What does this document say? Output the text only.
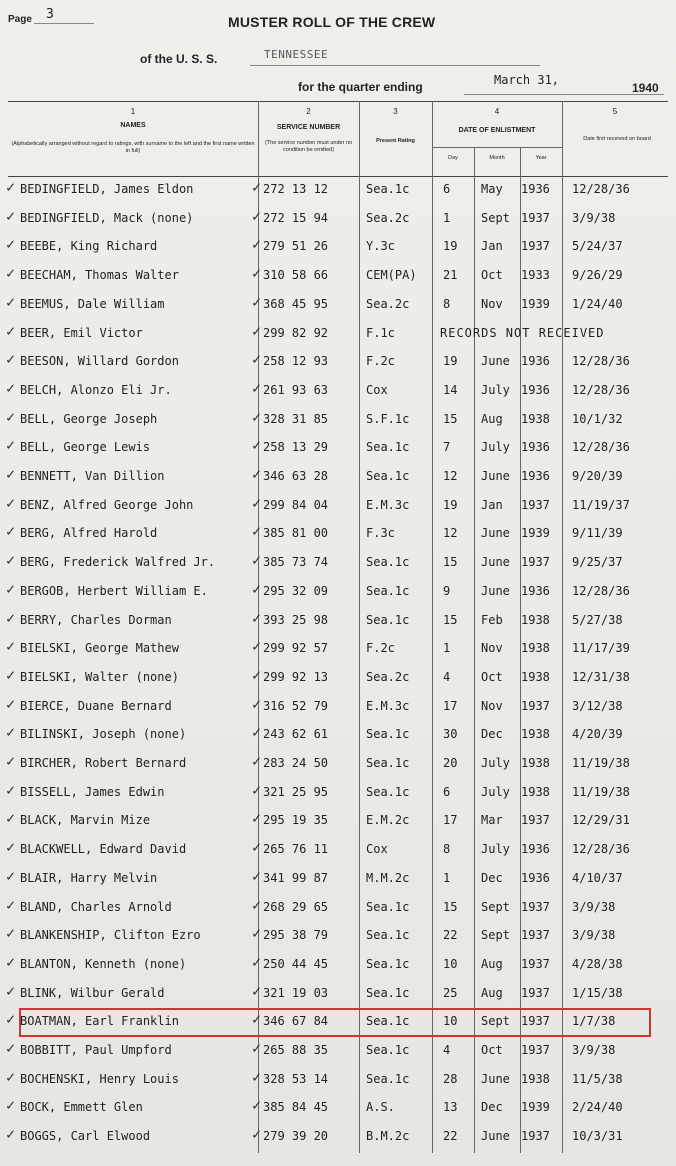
Page 3	MUSTER ROLL OF THE CREW
of the U. S. S.	TENNESSEE
for the quarter ending	March 31,
1940
1
NAMES
(Alphabetically arranged without regard to ratings, with surname to the left and the first name written in full)
2
SERVICE NUMBER
(The service number must under no condition be omitted)
3
Present Rating
4
DATE OF ENLISTMENT
Day	Month	Year
5
Date first received on board
✓ BEDINGFIELD, James Eldon	✓ 272 13 12	Sea.1c	6	May 1936 12/28/36
✓ BEDINGFIELD, Mack (none)	✓ 272 15 94	Sea.2c	1	Sept 1937 3/9/38
✓ BEEBE, King Richard	✓ 279 51 26	Y.3c	19 Jan 1937 5/24/37
✓ BEECHAM, Thomas Walter	✓ 310 58 66	CEM(PA) 21 Oct 1933 9/26/29
✓ BEEMUS, Dale William	✓ 368 45 95	Sea.2c	8	Nov 1939 1/24/40
✓ BEER, Emil Victor	✓ 299 82 92	F.1c	RECORDS NOT RECEIVED
✓ BEESON, Willard Gordon	✓ 258 12 93	F.2c	19 June 1936 12/28/36
✓ BELCH, Alonzo Eli Jr.	✓ 261 93 63	Cox	14 July 1936 12/28/36
✓ BELL, George Joseph	✓ 328 31 85	S.F.1c	15 Aug 1938 10/1/32
✓ BELL, George Lewis	✓ 258 13 29	Sea.1c	7	July 1936 12/28/36
✓ BENNETT, Van Dillion	✓ 346 63 28	Sea.1c	12 June 1936 9/20/39
✓ BENZ, Alfred George John	✓ 299 84 04	E.M.3c	19 Jan 1937 11/19/37
✓ BERG, Alfred Harold	✓ 385 81 00	F.3c	12 June 1939 9/11/39
✓ BERG, Frederick Walfred Jr. ✓ 385 73 74	Sea.1c	15 June 1937 9/25/37
✓ BERGOB, Herbert William E.	✓ 295 32 09	Sea.1c	9	June 1936 12/28/36
✓ BERRY, Charles Dorman	✓ 393 25 98	Sea.1c	15 Feb 1938 5/27/38
✓ BIELSKI, George Mathew	✓ 299 92 57	F.2c	1	Nov 1938 11/17/39
✓ BIELSKI, Walter (none)	✓ 299 92 13	Sea.2c	4	Oct 1938 12/31/38
✓ BIERCE, Duane Bernard	✓ 316 52 79	E.M.3c	17 Nov 1937 3/12/38
✓ BILINSKI, Joseph (none)	✓ 243 62 61	Sea.1c	30 Dec 1938 4/20/39
✓ BIRCHER, Robert Bernard	✓ 283 24 50	Sea.1c	20 July 1938 11/19/38
✓ BISSELL, James Edwin	✓ 321 25 95	Sea.1c	6	July 1938 11/19/38
✓ BLACK, Marvin Mize	✓ 295 19 35	E.M.2c	17 Mar 1937 12/29/31
✓ BLACKWELL, Edward David	✓ 265 76 11	Cox	8	July 1936 12/28/36
✓ BLAIR, Harry Melvin	✓ 341 99 87	M.M.2c	1	Dec 1936 4/10/37
✓ BLAND, Charles Arnold	✓ 268 29 65	Sea.1c	15 Sept 1937 3/9/38
✓ BLANKENSHIP, Clifton Ezro	✓ 295 38 79	Sea.1c	22 Sept 1937 3/9/38
✓ BLANTON, Kenneth (none)	✓ 250 44 45	Sea.1c	10 Aug 1937 4/28/38
✓ BLINK, Wilbur Gerald	✓ 321 19 03	Sea.1c	25 Aug 1937 1/15/38
✓ BOATMAN, Earl Franklin	✓ 346 67 84	Sea.1c	10 Sept 1937 1/7/38
✓ BOBBITT, Paul Umpford	✓ 265 88 35	Sea.1c	4	Oct 1937 3/9/38
✓ BOCHENSKI, Henry Louis	✓ 328 53 14	Sea.1c	28 June 1938 11/5/38
✓ BOCK, Emmett Glen	✓ 385 84 45	A.S.	13 Dec 1939 2/24/40
✓ BOGGS, Carl Elwood	✓ 279 39 20	B.M.2c	22 June 1937 10/3/31
